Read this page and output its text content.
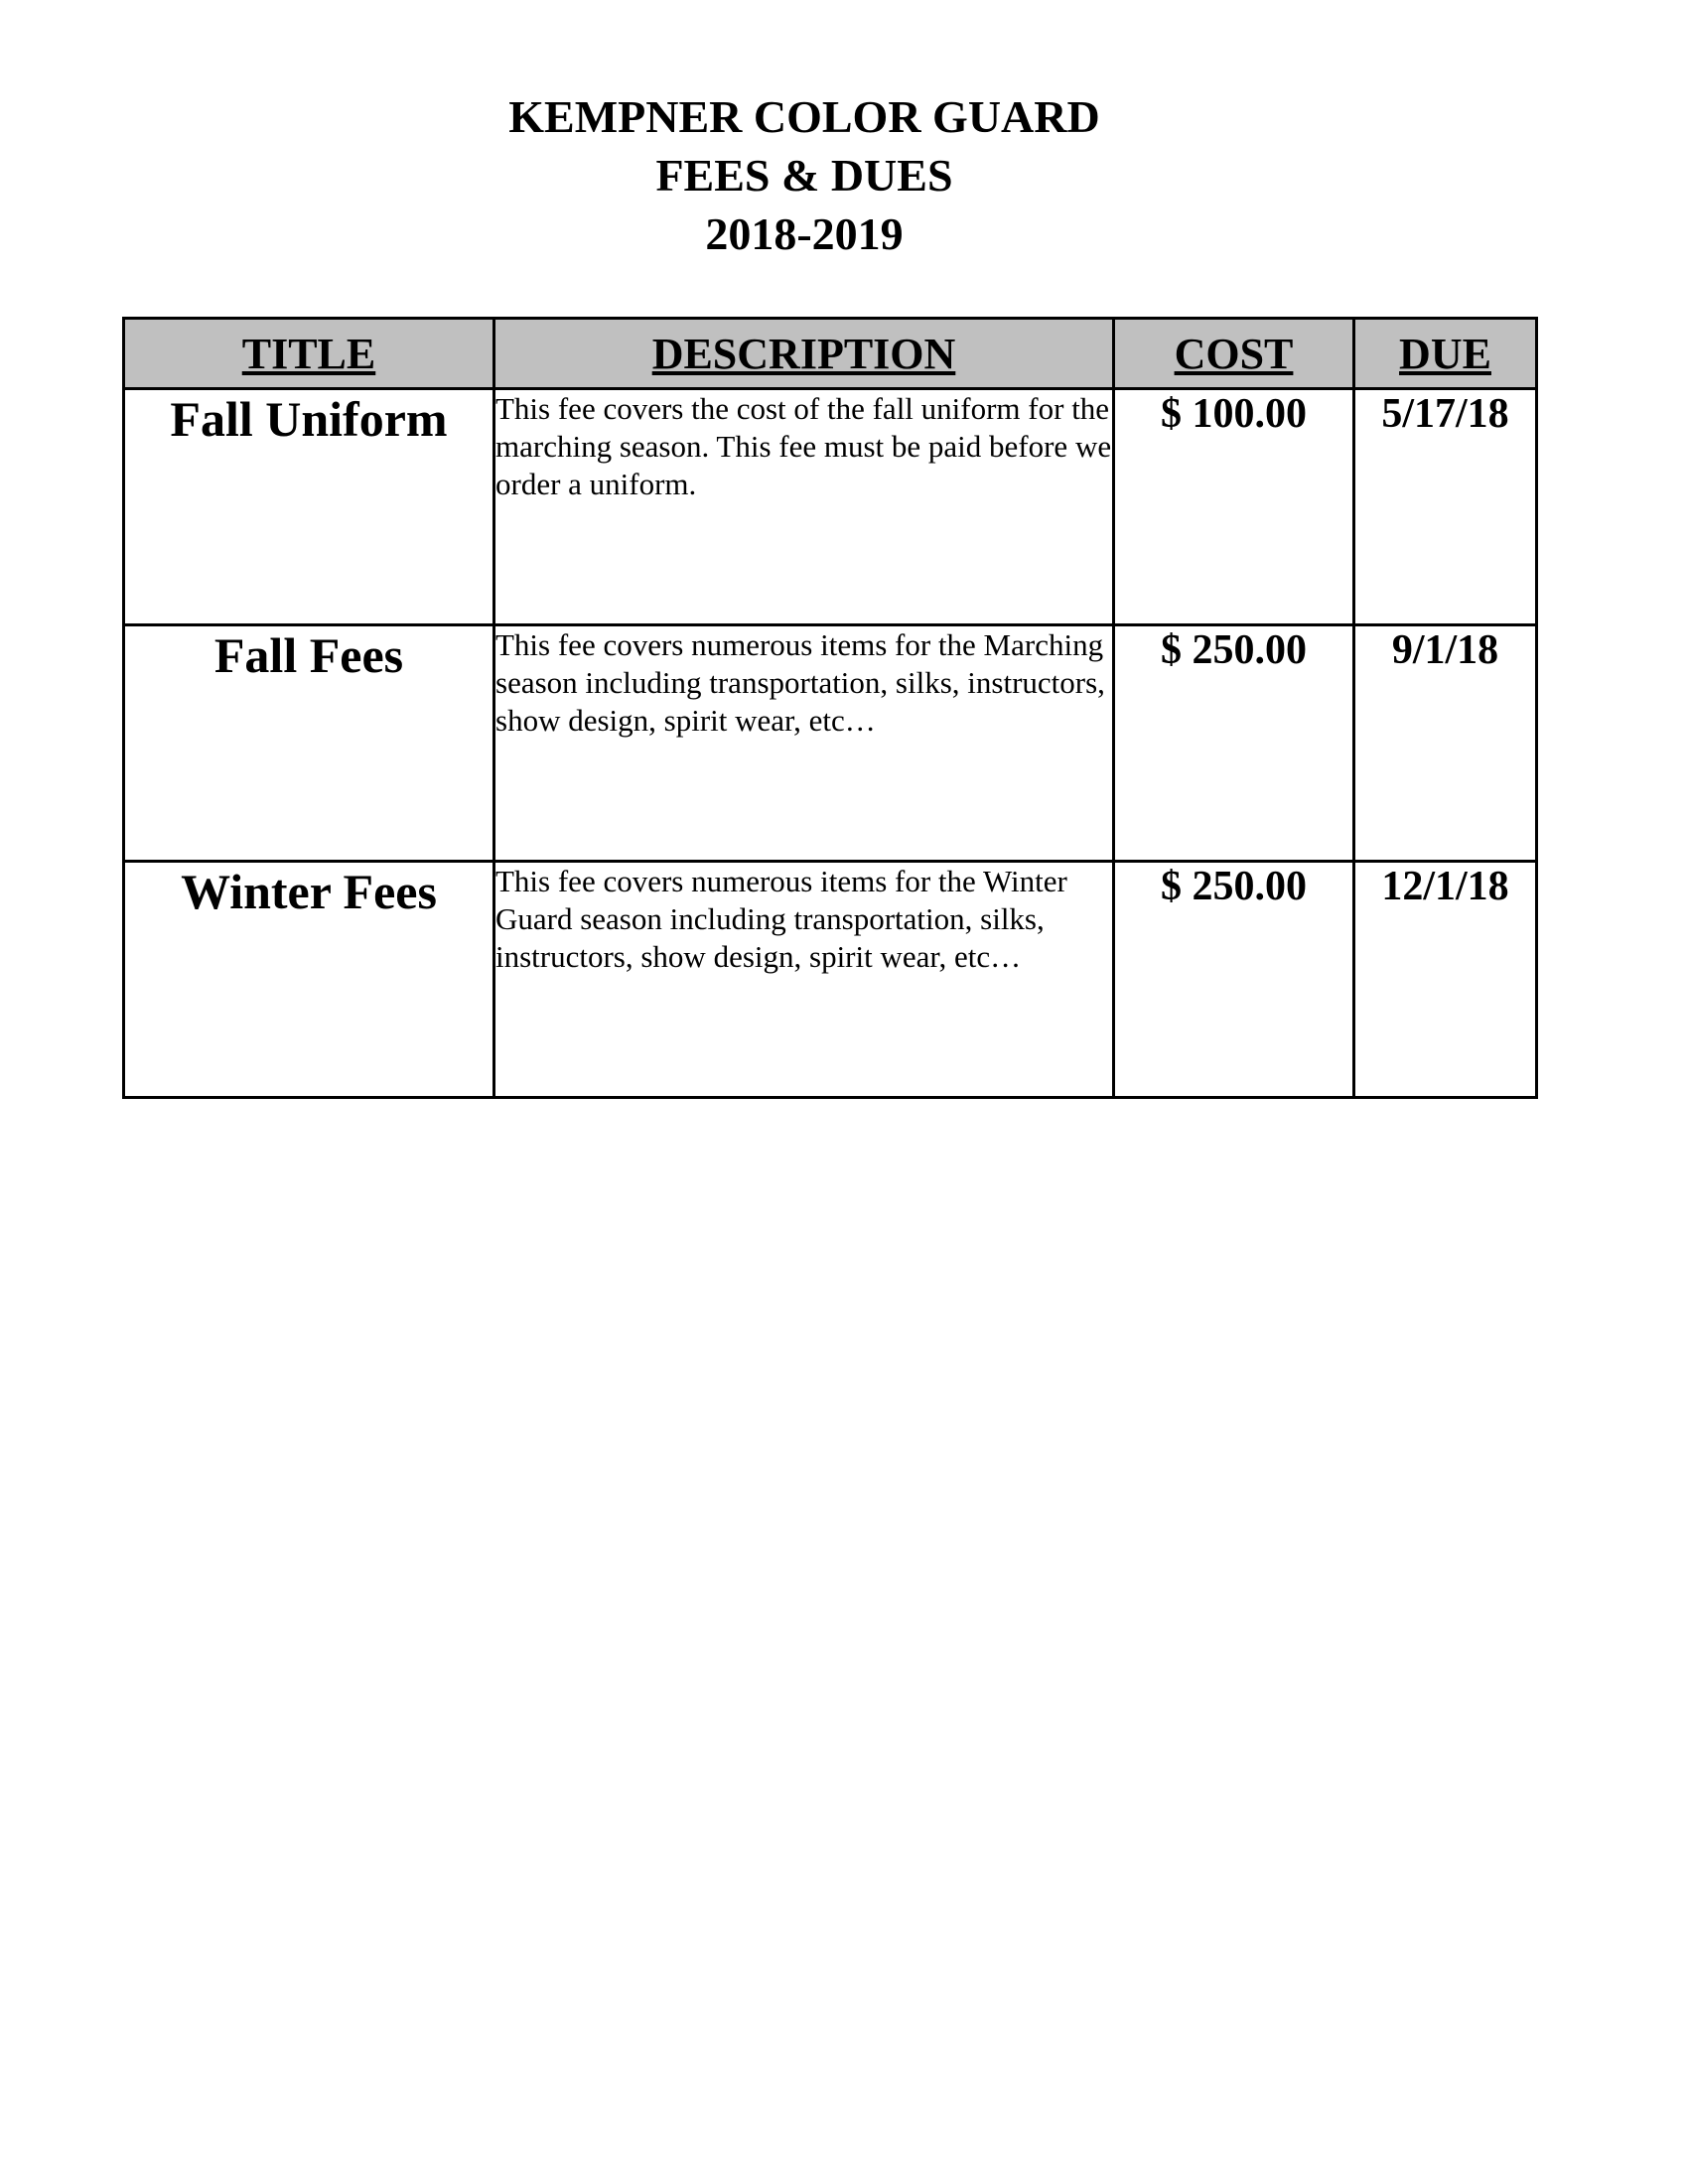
KEMPNER COLOR GUARD

FEES & DUES

2018-2019

TITLE	DESCRIPTION	COST	DUE
Fall Uniform	This fee covers the cost of the fall uniform for the marching season. This fee must be paid before we order a uniform.	$ 100.00	5/17/18
Fall Fees	This fee covers numerous items for the Marching season including transportation, silks, instructors, show design, spirit wear, etc…	$ 250.00	9/1/18
Winter Fees	This fee covers numerous items for the Winter Guard season including transportation, silks, instructors, show design, spirit wear, etc…	$ 250.00	12/1/18
